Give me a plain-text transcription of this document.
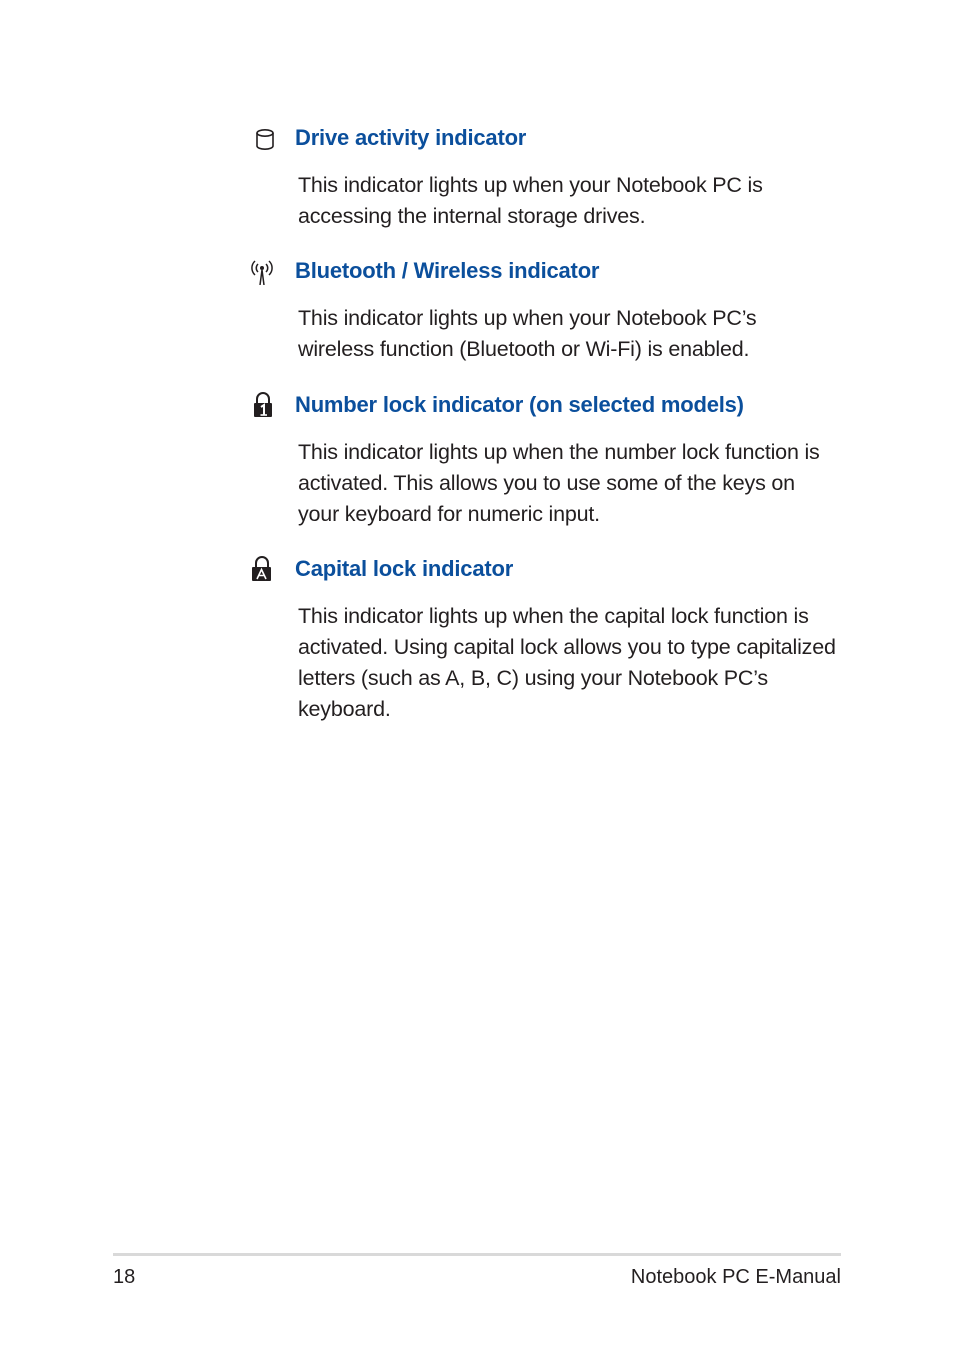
Drive activity indicator
This indicator lights up when your Notebook PC is accessing the internal storage drives.
Bluetooth / Wireless indicator
This indicator lights up when your Notebook PC’s wireless function (Bluetooth or Wi-Fi) is enabled.
Number lock indicator (on selected models)
This indicator lights up when the number lock function is activated. This allows you to use some of the keys on your keyboard for numeric input.
Capital lock indicator
This indicator lights up when the capital lock function is activated. Using capital lock allows you to type capitalized letters (such as A, B, C) using your Notebook PC’s keyboard.
18	Notebook PC E-Manual
